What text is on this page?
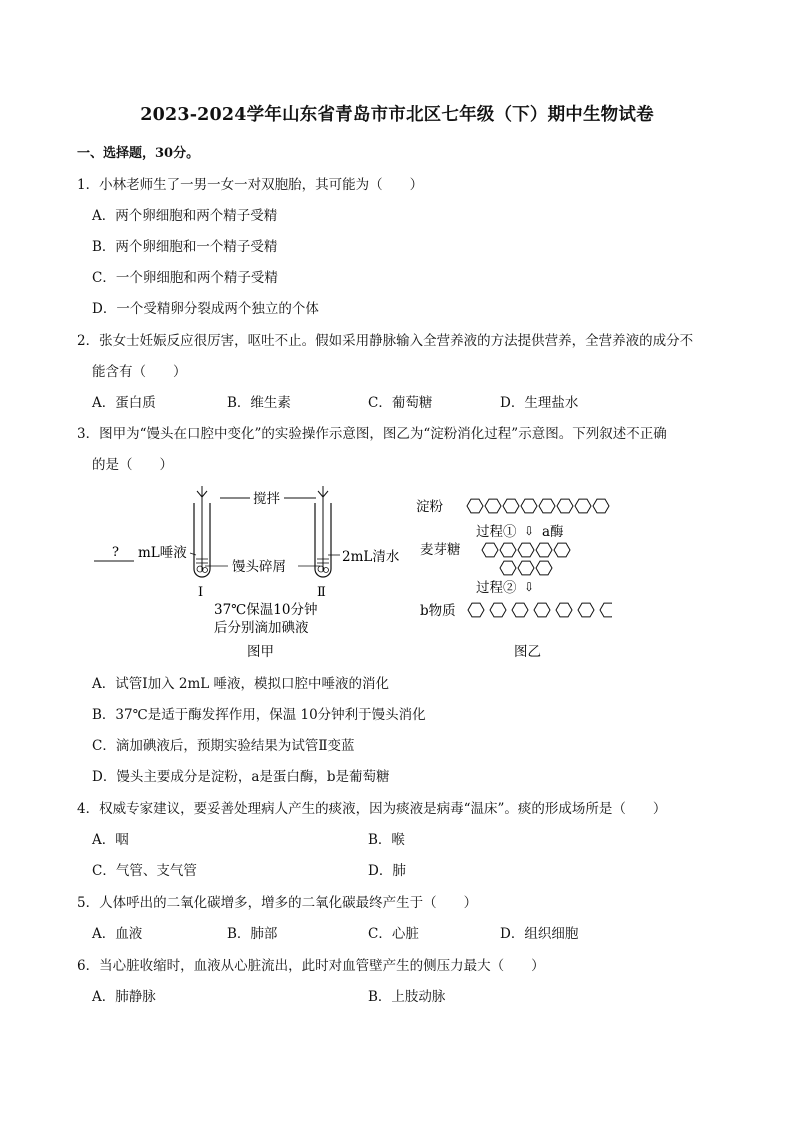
2023-2024学年山东省青岛市市北区七年级（下）期中生物试卷
一、选择题，30分。
1．小林老师生了一男一女一对双胞胎，其可能为（　　）
A．两个卵细胞和两个精子受精
B．两个卵细胞和一个精子受精
C．一个卵细胞和两个精子受精
D．一个受精卵分裂成两个独立的个体
2．张女士妊娠反应很厉害，呕吐不止。假如采用静脉输入全营养液的方法提供营养，全营养液的成分不
能含有（　　）
A．蛋白质	B．维生素	C．葡萄糖	D．生理盐水
3．图甲为“馒头在口腔中变化”的实验操作示意图，图乙为“淀粉消化过程”示意图。下列叙述不正确
的是（　　）
搅拌
? mL唾液
馒头碎屑
2mL清水
Ⅰ	Ⅱ
37℃保温10分钟
后分别滴加碘液
图甲
淀粉
过程① ⇩ a酶
麦芽糖
过程② ⇩
b物质
图乙
A．试管Ⅰ加入 2mL 唾液，模拟口腔中唾液的消化
B．37℃是适于酶发挥作用，保温 10分钟利于馒头消化
C．滴加碘液后，预期实验结果为试管Ⅱ变蓝
D．馒头主要成分是淀粉，a是蛋白酶，b是葡萄糖
4．权威专家建议，要妥善处理病人产生的痰液，因为痰液是病毒“温床”。痰的形成场所是（　　）
A．咽	B．喉
C．气管、支气管	D．肺
5．人体呼出的二氧化碳增多，增多的二氧化碳最终产生于（　　）
A．血液	B．肺部	C．心脏	D．组织细胞
6．当心脏收缩时，血液从心脏流出，此时对血管壁产生的侧压力最大（　　）
A．肺静脉	B．上肢动脉
